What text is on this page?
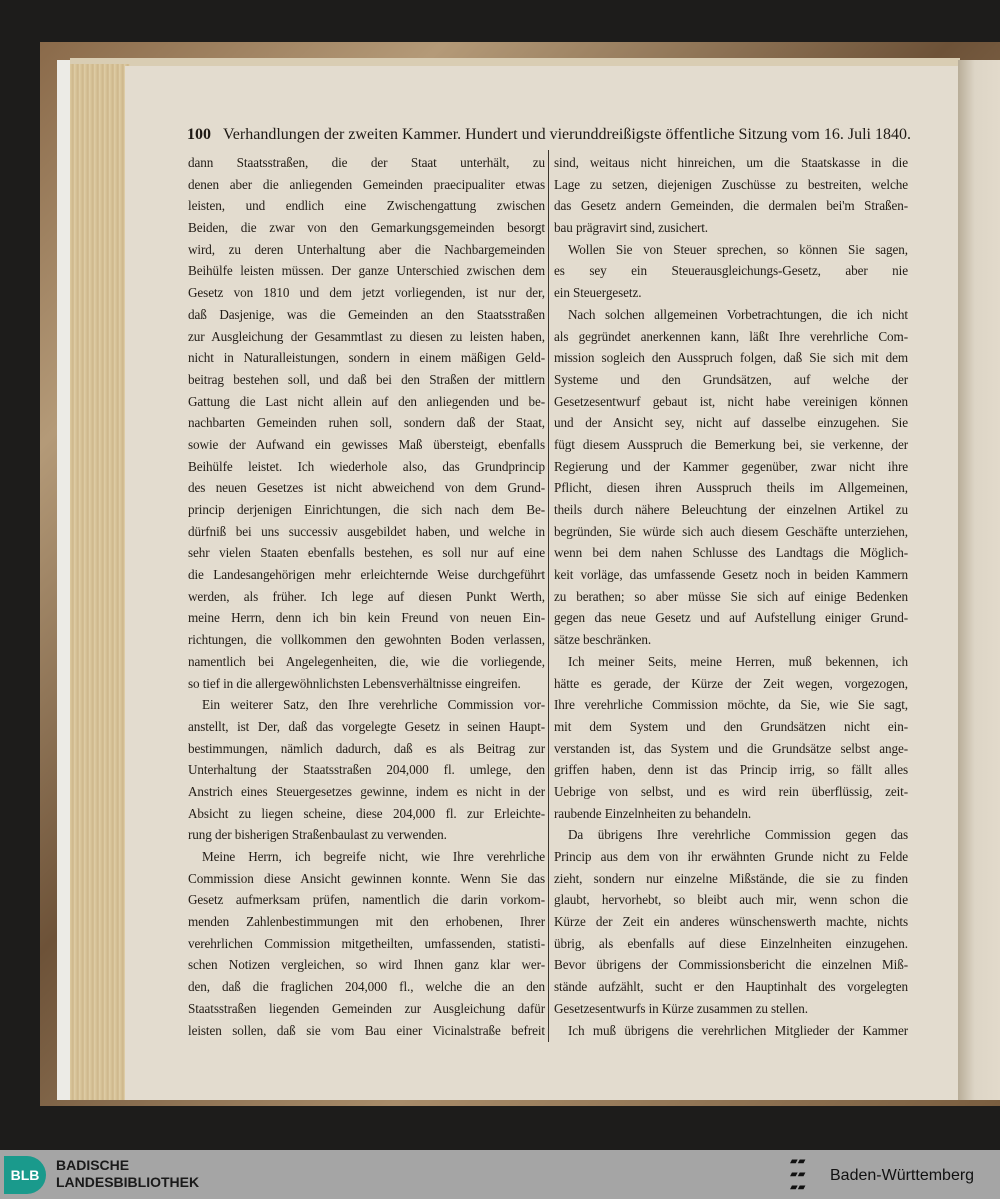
100 Verhandlungen der zweiten Kammer. Hundert und vierunddreißigste öffentliche Sitzung vom 16. Juli 1840.
dann Staatsstraßen, die der Staat unterhält, zu
denen aber die anliegenden Gemeinden praecipualiter etwas
leisten, und endlich eine Zwischengattung zwischen
Beiden, die zwar von den Gemarkungsgemeinden besorgt
wird, zu deren Unterhaltung aber die Nachbargemeinden
Beihülfe leisten müssen. Der ganze Unterschied zwischen dem
Gesetz von 1810 und dem jetzt vorliegenden, ist nur der,
daß Dasjenige, was die Gemeinden an den Staatsstraßen
zur Ausgleichung der Gesammtlast zu diesen zu leisten haben,
nicht in Naturalleistungen, sondern in einem mäßigen Geld-
beitrag bestehen soll, und daß bei den Straßen der mittlern
Gattung die Last nicht allein auf den anliegenden und be-
nachbarten Gemeinden ruhen soll, sondern daß der Staat,
sowie der Aufwand ein gewisses Maß übersteigt, ebenfalls
Beihülfe leistet. Ich wiederhole also, das Grundprincip
des neuen Gesetzes ist nicht abweichend von dem Grund-
princip derjenigen Einrichtungen, die sich nach dem Be-
dürfniß bei uns successiv ausgebildet haben, und welche in
sehr vielen Staaten ebenfalls bestehen, es soll nur auf eine
die Landesangehörigen mehr erleichternde Weise durchgeführt
werden, als früher. Ich lege auf diesen Punkt Werth,
meine Herrn, denn ich bin kein Freund von neuen Ein-
richtungen, die vollkommen den gewohnten Boden verlassen,
namentlich bei Angelegenheiten, die, wie die vorliegende,
so tief in die allergewöhnlichsten Lebensverhältnisse eingreifen.
Ein weiterer Satz, den Ihre verehrliche Commission vor-
anstellt, ist Der, daß das vorgelegte Gesetz in seinen Haupt-
bestimmungen, nämlich dadurch, daß es als Beitrag zur
Unterhaltung der Staatsstraßen 204,000 fl. umlege, den
Anstrich eines Steuergesetzes gewinne, indem es nicht in der
Absicht zu liegen scheine, diese 204,000 fl. zur Erleichte-
rung der bisherigen Straßenbaulast zu verwenden.
Meine Herrn, ich begreife nicht, wie Ihre verehrliche
Commission diese Ansicht gewinnen konnte. Wenn Sie das
Gesetz aufmerksam prüfen, namentlich die darin vorkom-
menden Zahlenbestimmungen mit den erhobenen, Ihrer
verehrlichen Commission mitgetheilten, umfassenden, statisti-
schen Notizen vergleichen, so wird Ihnen ganz klar wer-
den, daß die fraglichen 204,000 fl., welche die an den
Staatsstraßen liegenden Gemeinden zur Ausgleichung dafür
leisten sollen, daß sie vom Bau einer Vicinalstraße befreit
sind, weitaus nicht hinreichen, um die Staatskasse in die
Lage zu setzen, diejenigen Zuschüsse zu bestreiten, welche
das Gesetz andern Gemeinden, die dermalen bei'm Straßen-
bau prägravirt sind, zusichert.
Wollen Sie von Steuer sprechen, so können Sie sagen,
es sey ein Steuerausgleichungs-Gesetz, aber nie
ein Steuergesetz.
Nach solchen allgemeinen Vorbetrachtungen, die ich nicht
als gegründet anerkennen kann, läßt Ihre verehrliche Com-
mission sogleich den Ausspruch folgen, daß Sie sich mit dem
Systeme und den Grundsätzen, auf welche der
Gesetzesentwurf gebaut ist, nicht habe vereinigen können
und der Ansicht sey, nicht auf dasselbe einzugehen. Sie
fügt diesem Ausspruch die Bemerkung bei, sie verkenne, der
Regierung und der Kammer gegenüber, zwar nicht ihre
Pflicht, diesen ihren Ausspruch theils im Allgemeinen,
theils durch nähere Beleuchtung der einzelnen Artikel zu
begründen, Sie würde sich auch diesem Geschäfte unterziehen,
wenn bei dem nahen Schlusse des Landtags die Möglich-
keit vorläge, das umfassende Gesetz noch in beiden Kammern
zu berathen; so aber müsse Sie sich auf einige Bedenken
gegen das neue Gesetz und auf Aufstellung einiger Grund-
sätze beschränken.
Ich meiner Seits, meine Herren, muß bekennen, ich
hätte es gerade, der Kürze der Zeit wegen, vorgezogen,
Ihre verehrliche Commission möchte, da Sie, wie Sie sagt,
mit dem System und den Grundsätzen nicht ein-
verstanden ist, das System und die Grundsätze selbst ange-
griffen haben, denn ist das Princip irrig, so fällt alles
Uebrige von selbst, und es wird rein überflüssig, zeit-
raubende Einzelnheiten zu behandeln.
Da übrigens Ihre verehrliche Commission gegen das
Princip aus dem von ihr erwähnten Grunde nicht zu Felde
zieht, sondern nur einzelne Mißstände, die sie zu finden
glaubt, hervorhebt, so bleibt auch mir, wenn schon die
Kürze der Zeit ein anderes wünschenswerth machte, nichts
übrig, als ebenfalls auf diese Einzelnheiten einzugehen.
Bevor übrigens der Commissionsbericht die einzelnen Miß-
stände aufzählt, sucht er den Hauptinhalt des vorgelegten
Gesetzesentwurfs in Kürze zusammen zu stellen.
Ich muß übrigens die verehrlichen Mitglieder der Kammer
BLB
BADISCHE
LANDESBIBLIOTHEK
▰▰
▰▰
▰▰
Baden-Württemberg
